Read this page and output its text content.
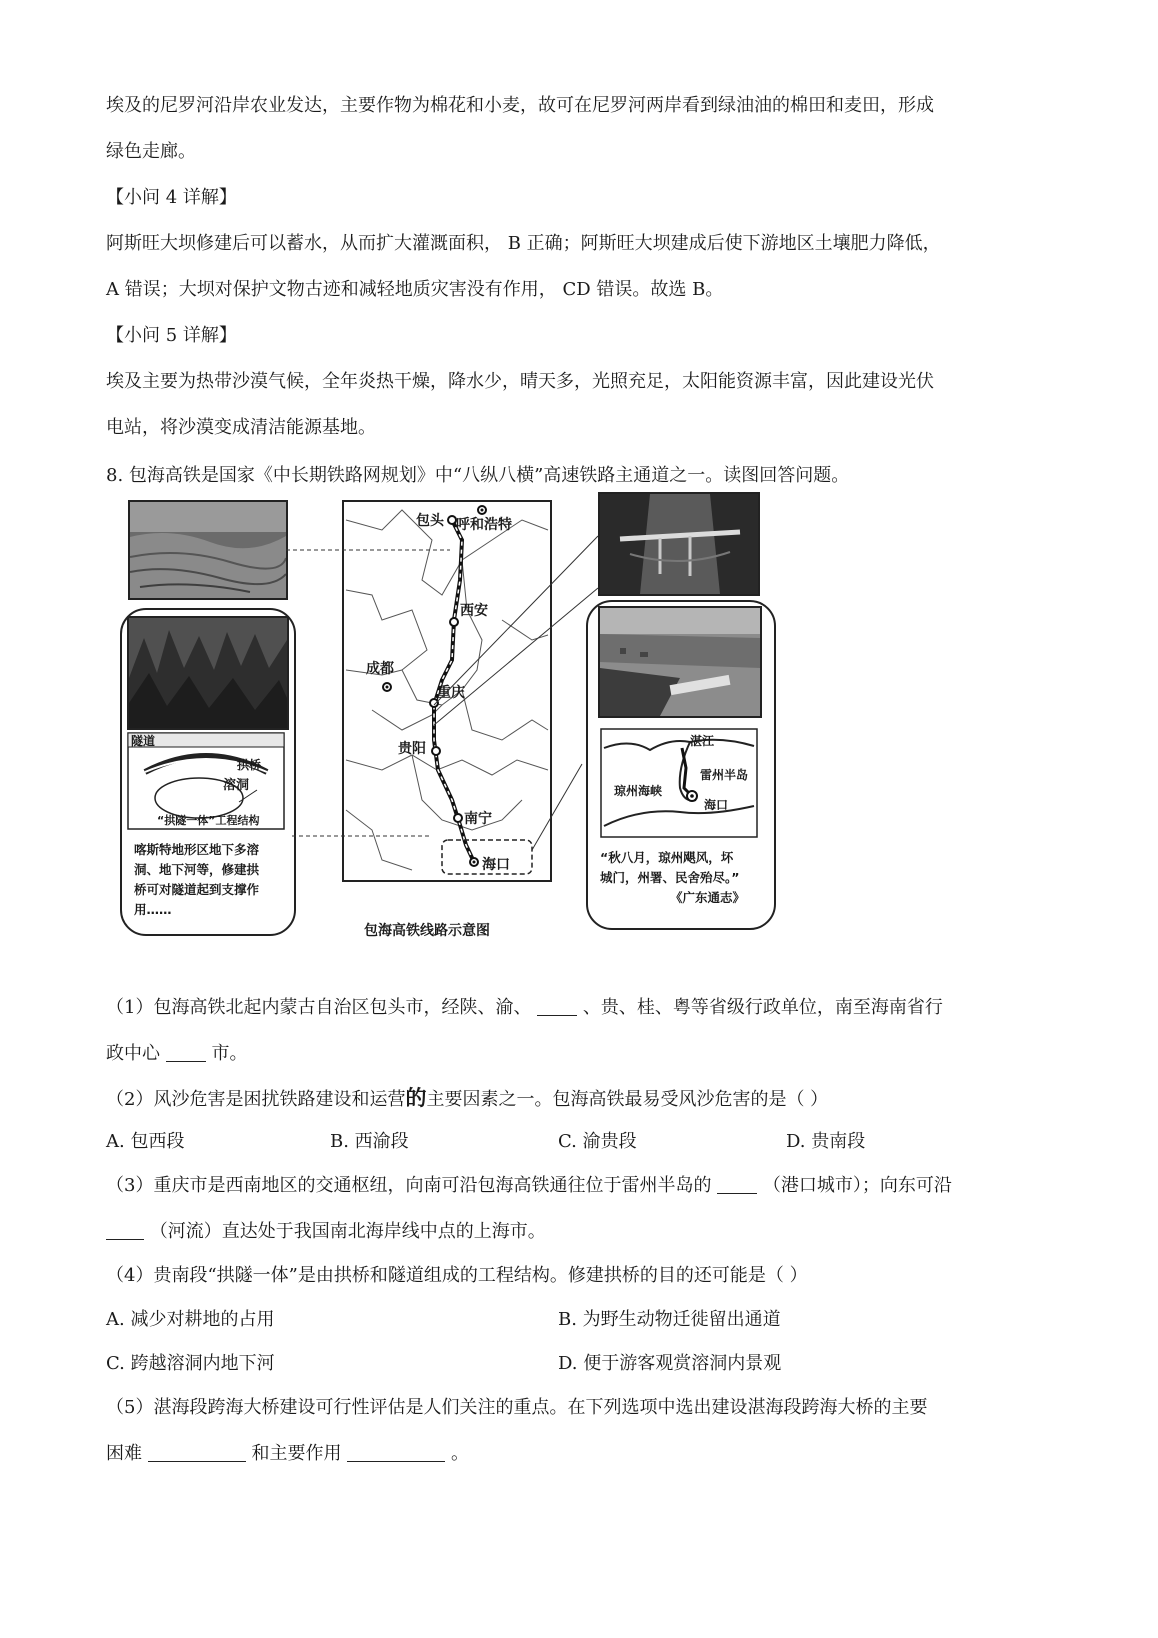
埃及的尼罗河沿岸农业发达，主要作物为棉花和小麦，故可在尼罗河两岸看到绿油油的棉田和麦田，形成
绿色走廊。
【小问 4 详解】
阿斯旺大坝修建后可以蓄水，从而扩大灌溉面积， B 正确；阿斯旺大坝建成后使下游地区土壤肥力降低，
A 错误；大坝对保护文物古迹和减轻地质灾害没有作用， CD 错误。故选 B。
【小问 5 详解】
埃及主要为热带沙漠气候，全年炎热干燥，降水少，晴天多，光照充足，太阳能资源丰富，因此建设光伏
电站，将沙漠变成清洁能源基地。
8. 包海高铁是国家《中长期铁路网规划》中“八纵八横”高速铁路主通道之一。读图回答问题。
隧道
拱桥
溶洞
“拱隧一体”工程结构
喀斯特地形区地下多溶
洞、地下河等，修建拱
桥可对隧道起到支撑作
用……
包头 呼和浩特
西安
成都
重庆
贵阳
南宁
海口
包海高铁线路示意图
湛江
雷州半岛
琼州海峡
海口
“秋八月，琼州飓风，坏
城门，州署、民舍殆尽。”
《广东通志》
（1）包海高铁北起内蒙古自治区包头市，经陕、渝、	、贵、桂、粤等省级行政单位，南至海南省行
政中心	市。
（2）风沙危害是困扰铁路建设和运营的主要因素之一。包海高铁最易受风沙危害的是（ ）
A. 包西段	B. 西渝段	C. 渝贵段	D. 贵南段
（3）重庆市是西南地区的交通枢纽，向南可沿包海高铁通往位于雷州半岛的	（港口城市）；向东可沿
（河流）直达处于我国南北海岸线中点的上海市。
（4）贵南段“拱隧一体”是由拱桥和隧道组成的工程结构。修建拱桥的目的还可能是（ ）
A. 减少对耕地的占用	B. 为野生动物迁徙留出通道
C. 跨越溶洞内地下河	D. 便于游客观赏溶洞内景观
（5）湛海段跨海大桥建设可行性评估是人们关注的重点。在下列选项中选出建设湛海段跨海大桥的主要
困难	和主要作用	。
